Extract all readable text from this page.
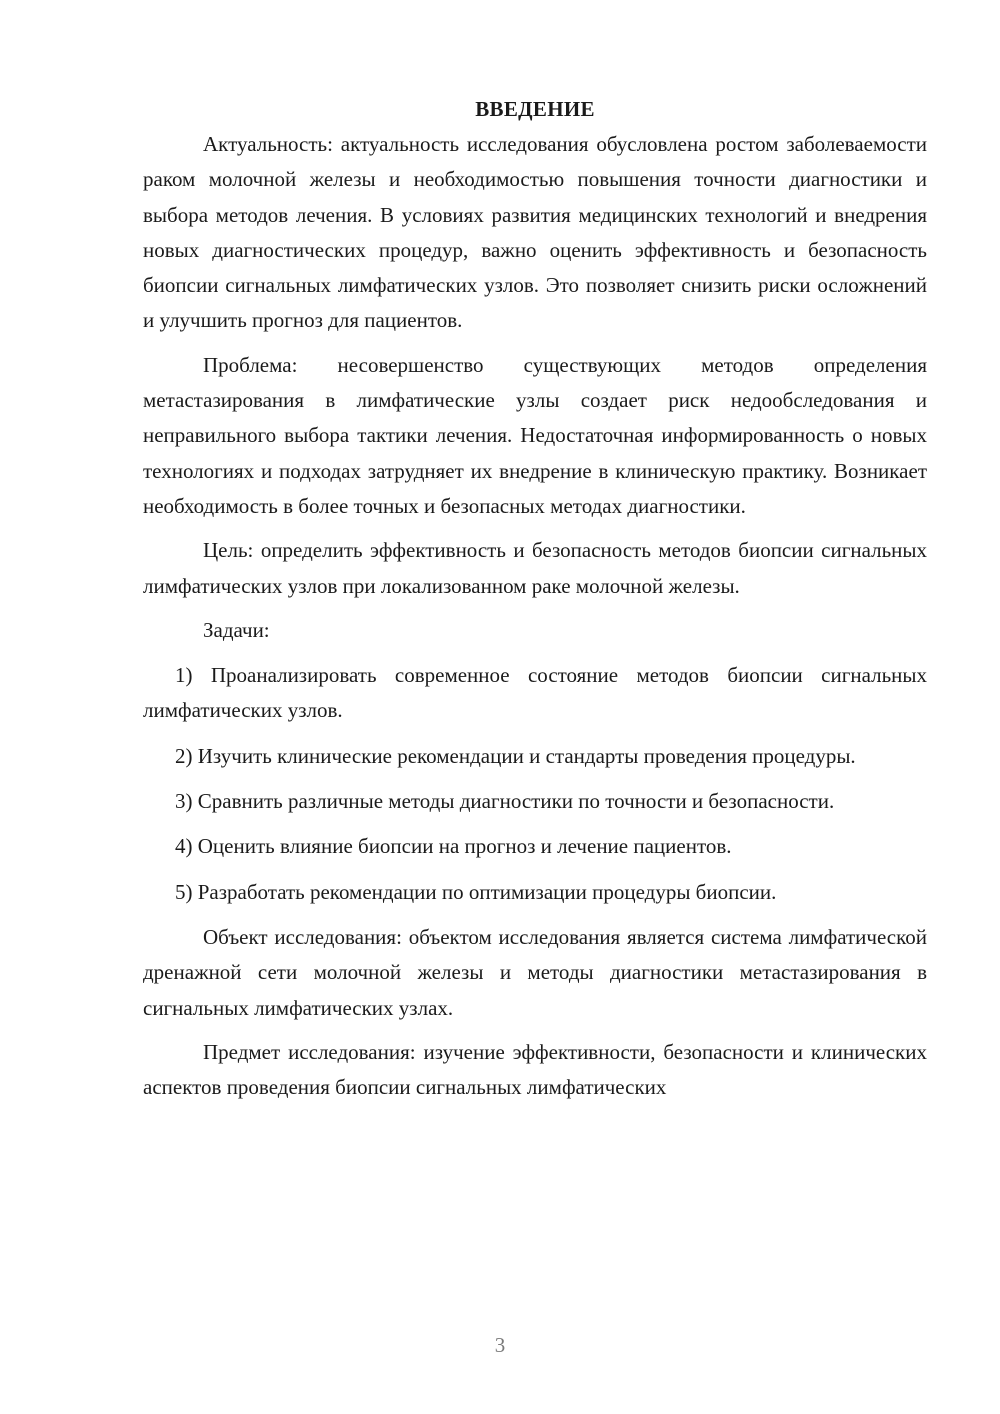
ВВЕДЕНИЕ

Актуальность: актуальность исследования обусловлена ростом заболеваемости раком молочной железы и необходимостью повышения точности диагностики и выбора методов лечения. В условиях развития медицинских технологий и внедрения новых диагностических процедур, важно оценить эффективность и безопасность биопсии сигнальных лимфатических узлов. Это позволяет снизить риски осложнений и улучшить прогноз для пациентов.

Проблема: несовершенство существующих методов определения метастазирования в лимфатические узлы создает риск недообследования и неправильного выбора тактики лечения. Недостаточная информированность о новых технологиях и подходах затрудняет их внедрение в клиническую практику. Возникает необходимость в более точных и безопасных методах диагностики.

Цель: определить эффективность и безопасность методов биопсии сигнальных лимфатических узлов при локализованном раке молочной железы.

Задачи:

1) Проанализировать современное состояние методов биопсии сигнальных лимфатических узлов.

2) Изучить клинические рекомендации и стандарты проведения процедуры.

3) Сравнить различные методы диагностики по точности и безопасности.

4) Оценить влияние биопсии на прогноз и лечение пациентов.

5) Разработать рекомендации по оптимизации процедуры биопсии.

Объект исследования: объектом исследования является система лимфатической дренажной сети молочной железы и методы диагностики метастазирования в сигнальных лимфатических узлах.

Предмет исследования: изучение эффективности, безопасности и клинических аспектов проведения биопсии сигнальных лимфатических

3
